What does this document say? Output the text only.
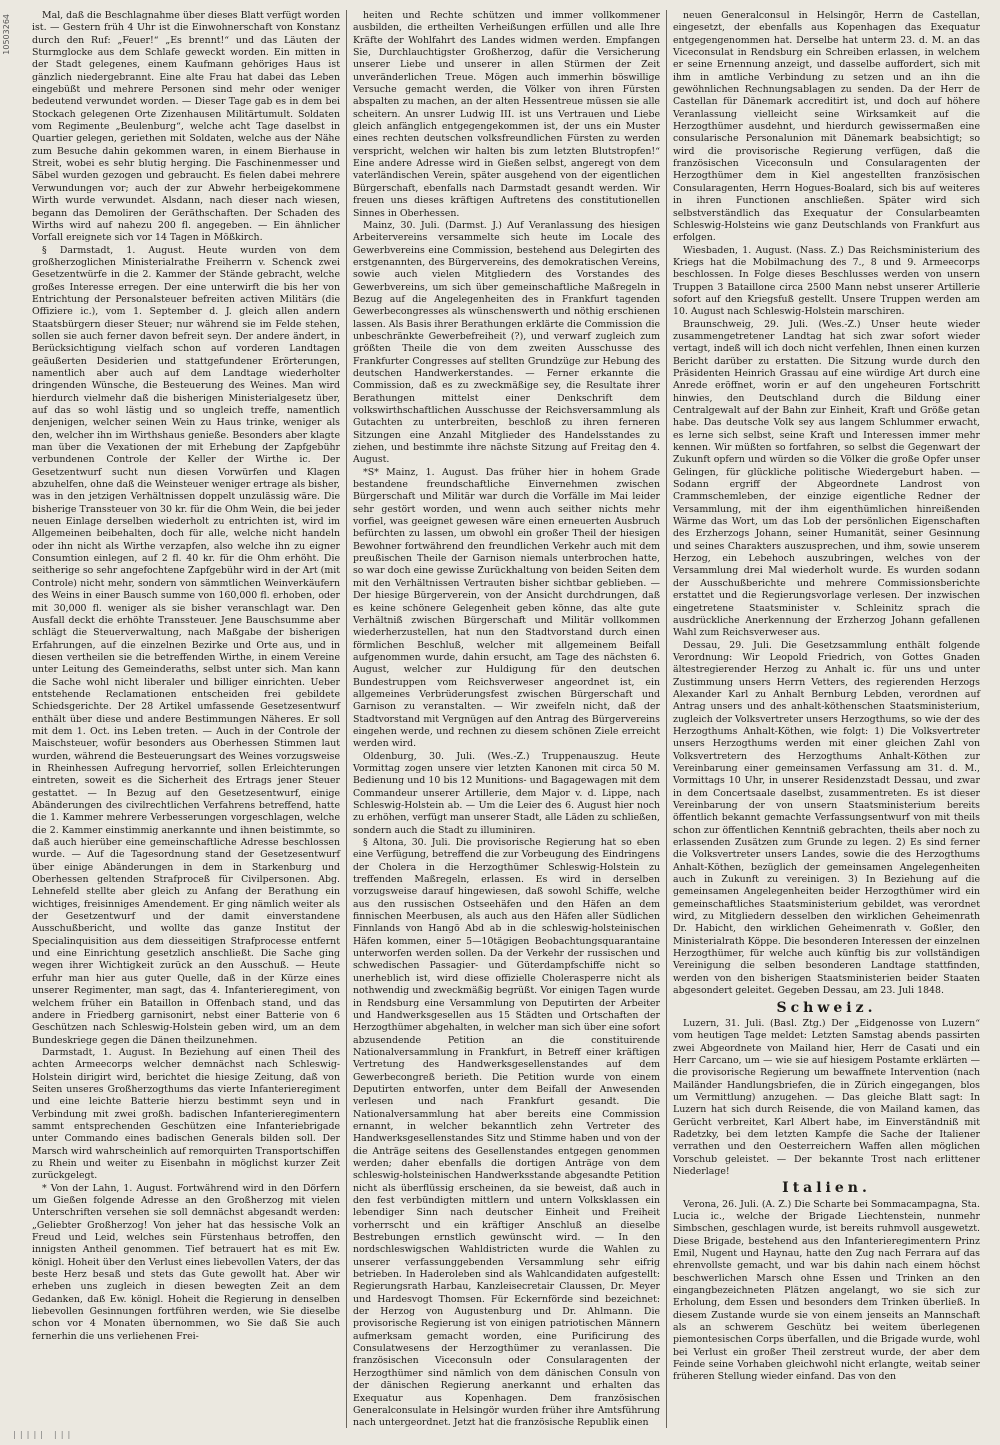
10503264	Mal, daß die Beschlagnahme über dieses Blatt verfügt worden ist. — Gestern früh 4 Uhr ist die Einwohnerschaft von Konstanz durch den Ruf: „Feuer!“ „Es brennt!“ und das Läuten der Sturmglocke aus dem Schlafe geweckt worden. Ein mitten in der Stadt gelegenes, einem Kaufmann gehöriges Haus ist gänzlich niedergebrannt. Eine alte Frau hat dabei das Leben eingebüßt und mehrere Personen sind mehr oder weniger bedeutend verwundet worden. — Dieser Tage gab es in dem bei Stockach gelegenen Orte Zizenhausen Militärtumult. Soldaten vom Regimente „Beulenburg“, welche acht Tage daselbst in Quartier gelegen, geriethen mit Soldaten, welche aus der Nähe zum Besuche dahin gekommen waren, in einem Bierhause in Streit, wobei es sehr blutig herging. Die Faschinenmesser und Säbel wurden gezogen und gebraucht. Es fielen dabei mehrere Verwundungen vor; auch der zur Abwehr herbeigekommene Wirth wurde verwundet. Alsdann, nach dieser nach wiesen, begann das Demoliren der Geräthschaften. Der Schaden des Wirths wird auf nahezu 200 fl. angegeben. — Ein ähnlicher Vorfall ereignete sich vor 14 Tagen in Mößkirch.

§ Darmstadt, 1. August. Heute wurden von dem großherzoglichen Ministerialrathe Freiherrn v. Schenck zwei Gesetzentwürfe in die 2. Kammer der Stände gebracht, welche großes Interesse erregen. Der eine unterwirft die bis her von Entrichtung der Personalsteuer befreiten activen Militärs (die Offiziere ic.), vom 1. September d. J. gleich allen andern Staatsbürgern dieser Steuer; nur während sie im Felde stehen, sollen sie auch ferner davon befreit seyn. Der andere ändert, in Berücksichtigung vielfach schon auf vorderen Landtagen geäußerten Desiderien und stattgefundener Erörterungen, namentlich aber auch auf dem Landtage wiederholter dringenden Wünsche, die Besteuerung des Weines. Man wird hierdurch vielmehr daß die bisherigen Ministerialgesetz über, auf das so wohl lästig und so ungleich treffe, namentlich denjenigen, welcher seinen Wein zu Haus trinke, weniger als den, welcher ihn im Wirthshaus genieße. Besonders aber klagte man über die Vexationen der mit Erhebung der Zapfgebühr verbundenen Controle der Keller der Wirthe ic. Der Gesetzentwurf sucht nun diesen Vorwürfen und Klagen abzuhelfen, ohne daß die Weinsteuer weniger ertrage als bisher, was in den jetzigen Verhältnissen doppelt unzulässig wäre. Die bisherige Transsteuer von 30 kr. für die Ohm Wein, die bei jeder neuen Einlage derselben wiederholt zu entrichten ist, wird im Allgemeinen beibehalten, doch für alle, welche nicht handeln oder ihn nicht als Wirthe verzapfen, also welche ihn zu eigner Consumtion einlegen, auf 2 fl. 40 kr. für die Ohm erhöht. Die seitherige so sehr angefochtene Zapfgebühr wird in der Art (mit Controle) nicht mehr, sondern von sämmtlichen Weinverkäufern des Weins in einer Bausch summe von 160,000 fl. erhoben, oder mit 30,000 fl. weniger als sie bisher veranschlagt war. Den Ausfall deckt die erhöhte Transsteuer. Jene Bauschsumme aber schlägt die Steuerverwaltung, nach Maßgabe der bisherigen Erfahrungen, auf die einzelnen Bezirke und Orte aus, und in diesen vertheilen sie die betreffenden Wirthe, in einem Vereine unter Leitung des Gemeinderaths, selbst unter sich. Man kann die Sache wohl nicht liberaler und billiger einrichten. Ueber entstehende Reclamationen entscheiden frei gebildete Schiedsgerichte. Der 28 Artikel umfassende Gesetzesentwurf enthält über diese und andere Bestimmungen Näheres. Er soll mit dem 1. Oct. ins Leben treten. — Auch in der Controle der Maischsteuer, wofür besonders aus Oberhessen Stimmen laut wurden, während die Besteuerungsart des Weines vorzugsweise in Rheinhessen Aufregung hervorrief, sollen Erleichterungen eintreten, soweit es die Sicherheit des Ertrags jener Steuer gestattet. — In Bezug auf den Gesetzesentwurf, einige Abänderungen des civilrechtlichen Verfahrens betreffend, hatte die 1. Kammer mehrere Verbesserungen vorgeschlagen, welche die 2. Kammer einstimmig anerkannte und ihnen beistimmte, so daß auch hierüber eine gemeinschaftliche Adresse beschlossen wurde. — Auf die Tagesordnung stand der Gesetzesentwurf über einige Abänderungen in dem in Starkenburg und Oberhessen geltenden Strafproceß für Civilpersonen. Abg. Lehnefeld stellte aber gleich zu Anfang der Berathung ein wichtiges, freisinniges Amendement. Er ging nämlich weiter als der Gesetzentwurf und der damit einverstandene Ausschußbericht, und wollte das ganze Institut der Specialinquisition aus dem diesseitigen Strafprocesse entfernt und eine Einrichtung gesetzlich anschließt. Die Sache ging wegen ihrer Wichtigkeit zurück an den Ausschuß. — Heute erfuhr man hier aus guter Quelle, daß in der Kürze eines unserer Regimenter, man sagt, das 4. Infanterieregiment, von welchem früher ein Bataillon in Offenbach stand, und das andere in Friedberg garnisonirt, nebst einer Batterie von 6 Geschützen nach Schleswig-Holstein geben wird, um an dem Bundeskriege gegen die Dänen theilzunehmen.

Darmstadt, 1. August. In Beziehung auf einen Theil des achten Armeecorps welcher demnächst nach Schleswig-Holstein dirigirt wird, berichtet die hiesige Zeitung, daß von Seiten unseres Großherzogthums das vierte Infanterieregiment und eine leichte Batterie hierzu bestimmt seyn und in Verbindung mit zwei großh. badischen Infanterieregimentern sammt entsprechenden Geschützen eine Infanteriebrigade unter Commando eines badischen Generals bilden soll. Der Marsch wird wahrscheinlich auf remorquirten Transportschiffen zu Rhein und weiter zu Eisenbahn in möglichst kurzer Zeit zurückgelegt.

* Von der Lahn, 1. August. Fortwährend wird in den Dörfern um Gießen folgende Adresse an den Großherzog mit vielen Unterschriften versehen sie soll demnächst abgesandt werden: „Geliebter Großherzog! Von jeher hat das hessische Volk an Freud und Leid, welches sein Fürstenhaus betroffen, den innigsten Antheil genommen. Tief betrauert hat es mit Ew. königl. Hoheit über den Verlust eines liebevollen Vaters, der das beste Herz besaß und stets das Gute gewollt hat. Aber wir erheben uns zugleich in diesen bewegten Zeit an dem Gedanken, daß Ew. königl. Hoheit die Regierung in denselben liebevollen Gesinnungen fortführen werden, wie Sie dieselbe schon vor 4 Monaten übernommen, wo Sie daß Sie auch fernerhin die uns verliehenen Frei-

heiten und Rechte schützen und immer vollkommener ausbilden, die ertheilten Verheißungen erfüllen und alle Ihre Kräfte der Wohlfahrt des Landes widmen werden. Empfangen Sie, Durchlauchtigster Großherzog, dafür die Versicherung unserer Liebe und unserer in allen Stürmen der Zeit unveränderlichen Treue. Mögen auch immerhin böswillige Versuche gemacht werden, die Völker von ihren Fürsten abspalten zu machen, an der alten Hessentreue müssen sie alle scheitern. An unsrer Ludwig III. ist uns Vertrauen und Liebe gleich anfänglich entgegengekommen ist, der uns ein Muster eines rechten deutschen volksfreundlichen Fürsten zu werden verspricht, welchen wir halten bis zum letzten Blutstropfen!“ Eine andere Adresse wird in Gießen selbst, angeregt von dem vaterländischen Verein, später ausgehend von der eigentlichen Bürgerschaft, ebenfalls nach Darmstadt gesandt werden. Wir freuen uns dieses kräftigen Auftretens des constitutionellen Sinnes in Oberhessen.

Mainz, 30. Juli. (Darmst. J.) Auf Veranlassung des hiesigen Arbeitervereins versammelte sich heute im Locale des Gewerbvereins eine Commission, bestehend aus Delegirten des erstgenannten, des Bürgervereins, des demokratischen Vereins, sowie auch vielen Mitgliedern des Vorstandes des Gewerbvereins, um sich über gemeinschaftliche Maßregeln in Bezug auf die Angelegenheiten des in Frankfurt tagenden Gewerbecongresses als wünschenswerth und nöthig erschienen lassen. Als Basis ihrer Berathungen erklärte die Commission die unbeschränkte Gewerbefreiheit (?), und verwarf zugleich zum größten Theile die von dem zweiten Ausschusse des Frankfurter Congresses auf stellten Grundzüge zur Hebung des deutschen Handwerkerstandes. — Ferner erkannte die Commission, daß es zu zweckmäßige sey, die Resultate ihrer Berathungen mittelst einer Denkschrift dem volkswirthschaftlichen Ausschusse der Reichsversammlung als Gutachten zu unterbreiten, beschloß zu ihren ferneren Sitzungen eine Anzahl Mitglieder des Handelsstandes zu ziehen, und bestimmte ihre nächste Sitzung auf Freitag den 4. August.

*S* Mainz, 1. August. Das früher hier in hohem Grade bestandene freundschaftliche Einvernehmen zwischen Bürgerschaft und Militär war durch die Vorfälle im Mai leider sehr gestört worden, und wenn auch seither nichts mehr vorfiel, was geeignet gewesen wäre einen erneuerten Ausbruch befürchten zu lassen, um obwohl ein großer Theil der hiesigen Bewohner fortwährend den freundlichen Verkehr auch mit dem preußischen Theile der Garnison niemals unterbrochen hatte, so war doch eine gewisse Zurückhaltung von beiden Seiten dem mit den Verhältnissen Vertrauten bisher sichtbar geblieben. — Der hiesige Bürgerverein, von der Ansicht durchdrungen, daß es keine schönere Gelegenheit geben könne, das alte gute Verhältniß zwischen Bürgerschaft und Militär vollkommen wiederherzustellen, hat nun den Stadtvorstand durch einen förmlichen Beschluß, welcher mit allgemeinem Beifall aufgenommen wurde, dahin ersucht, am Tage des nächsten 6. August, welcher zur Huldigung für den deutschen Bundestruppen vom Reichsverweser angeordnet ist, ein allgemeines Verbrüderungsfest zwischen Bürgerschaft und Garnison zu veranstalten. — Wir zweifeln nicht, daß der Stadtvorstand mit Vergnügen auf den Antrag des Bürgervereins eingehen werde, und rechnen zu diesem schönen Ziele erreicht werden wird.

Oldenburg, 30. Juli. (Wes.-Z.) Truppenauszug. Heute Vormittag zogen unsere vier letzten Kanonen mit circa 50 M. Bedienung und 10 bis 12 Munitions- und Bagagewagen mit dem Commandeur unserer Artillerie, dem Major v. d. Lippe, nach Schleswig-Holstein ab. — Um die Leier des 6. August hier noch zu erhöhen, verfügt man unserer Stadt, alle Läden zu schließen, sondern auch die Stadt zu illuminiren.

§ Altona, 30. Juli. Die provisorische Regierung hat so eben eine Verfügung, betreffend die zur Vorbeugung des Eindringens der Cholera in die Herzogthümer Schleswig-Holstein zu treffenden Maßregeln, erlassen. Es wird in derselben vorzugsweise darauf hingewiesen, daß sowohl Schiffe, welche aus den russischen Ostseehäfen und den Häfen an dem finnischen Meerbusen, als auch aus den Häfen aller Südlichen Finnlands von Hangö Abd ab in die schleswig-holsteinischen Häfen kommen, einer 5—10tägigen Beobachtungsquarantaine unterworfen werden sollen. Da der Verkehr der russischen und schwedischen Passagier- und Güterdampfschiffe nicht so unerheblich ist, wird diese offizielle Cholerasperre nicht als nothwendig und zweckmäßig begrüßt. Vor einigen Tagen wurde in Rendsburg eine Versammlung von Deputirten der Arbeiter und Handwerksgesellen aus 15 Städten und Ortschaften der Herzogthümer abgehalten, in welcher man sich über eine sofort abzusendende Petition an die constituirende Nationalversammlung in Frankfurt, in Betreff einer kräftigen Vertretung des Handwerksgesellenstandes auf dem Gewerbecongreß berieth. Die Petition wurde von einem Deputirten entworfen, unter dem Beifall der Anwesenden verlesen und nach Frankfurt gesandt. Die Nationalversammlung hat aber bereits eine Commission ernannt, in welcher bekanntlich zehn Vertreter des Handwerksgesellenstandes Sitz und Stimme haben und von der die Anträge seitens des Gesellenstandes entgegen genommen werden; daher ebenfalls die dortigen Anträge von dem schleswig-holsteinischen Handwerksstande abgesandte Petition nicht als überflüssig erscheinen, da sie beweist, daß auch in den fest verbündigten mittlern und untern Volksklassen ein lebendiger Sinn nach deutscher Einheit und Freiheit vorherrscht und ein kräftiger Anschluß an dieselbe Bestrebungen ernstlich gewünscht wird. — In den nordschleswigschen Wahldistricten wurde die Wahlen zu unserer verfassunggebenden Versammlung sehr eifrig betrieben. In Haderoleben sind als Wahlcandidaten aufgestellt: Regierungsrath Harbau, Kanzleisecretair Claussen, Dr. Meyer und Hardesvogt Thomsen. Für Eckernförde sind bezeichnet: der Herzog von Augustenburg und Dr. Ahlmann. Die provisorische Regierung ist von einigen patriotischen Männern aufmerksam gemacht worden, eine Purificirung des Consulatwesens der Herzogthümer zu veranlassen. Die französischen Viceconsuln oder Consularagenten der Herzogthümer sind nämlich von dem dänischen Consuln von der dänischen Regierung anerkannt und erhalten das Exequatur aus Kopenhagen. Dem französischen Generalconsulate in Helsingör wurden früher ihre Amtsführung nach untergeordnet. Jetzt hat die französische Republik einen

neuen Generalconsul in Helsingör, Herrn de Castellan, eingesetzt, der ebenfalls aus Kopenhagen das Exequatur entgegengenommen hat. Derselbe hat unterm 23. d. M. an das Viceconsulat in Rendsburg ein Schreiben erlassen, in welchem er seine Ernennung anzeigt, und dasselbe auffordert, sich mit ihm in amtliche Verbindung zu setzen und an ihn die gewöhnlichen Rechnungsablagen zu senden. Da der Herr de Castellan für Dänemark accreditirt ist, und doch auf höhere Veranlassung vielleicht seine Wirksamkeit auf die Herzogthümer ausdehnt, und hierdurch gewissermaßen eine consularische Personalunion mit Dänemark beabsichtigt; so wird die provisorische Regierung verfügen, daß die französischen Viceconsuln und Consularagenten der Herzogthümer dem in Kiel angestellten französischen Consularagenten, Herrn Hogues-Boalard, sich bis auf weiteres in ihren Functionen anschließen. Später wird sich selbstverständlich das Exequatur der Consularbeamten Schleswig-Holsteins wie ganz Deutschlands von Frankfurt aus erfolgen.

Wiesbaden, 1. August. (Nass. Z.) Das Reichsministerium des Kriegs hat die Mobilmachung des 7., 8 und 9. Armeecorps beschlossen. In Folge dieses Beschlusses werden von unsern Truppen 3 Bataillone circa 2500 Mann nebst unserer Artillerie sofort auf den Kriegsfuß gestellt. Unsere Truppen werden am 10. August nach Schleswig-Holstein marschiren.

Braunschweig, 29. Juli. (Wes.-Z.) Unser heute wieder zusammengetretener Landtag hat sich zwar sofort wieder vertagt, indeß will ich doch nicht verfehlen, Ihnen einen kurzen Bericht darüber zu erstatten. Die Sitzung wurde durch den Präsidenten Heinrich Grassau auf eine würdige Art durch eine Anrede eröffnet, worin er auf den ungeheuren Fortschritt hinwies, den Deutschland durch die Bildung einer Centralgewalt auf der Bahn zur Einheit, Kraft und Größe getan habe. Das deutsche Volk sey aus langem Schlummer erwacht, es lerne sich selbst, seine Kraft und Interessen immer mehr kennen. Wir müßten so fortfahren, so selbst die Gegenwart der Zukunft opfern und würden so die Völker die große Opfer unser Gelingen, für glückliche politische Wiedergeburt haben. — Sodann ergriff der Abgeordnete Landrost von Crammschemleben, der einzige eigentliche Redner der Versammlung, mit der ihm eigenthümlichen hinreißenden Wärme das Wort, um das Lob der persönlichen Eigenschaften des Erzherzogs Johann, seiner Humanität, seiner Gesinnung und seines Charakters auszusprechen, und ihm, sowie unserem Herzog, ein Lebehoch auszubringen, welches von der Versammlung drei Mal wiederholt wurde. Es wurden sodann der Ausschußberichte und mehrere Commissionsberichte erstattet und die Regierungsvorlage verlesen. Der inzwischen eingetretene Staatsminister v. Schleinitz sprach die ausdrückliche Anerkennung der Erzherzog Johann gefallenen Wahl zum Reichsverweser aus.

Dessau, 29. Juli. Die Gesetzsammlung enthält folgende Verordnung: Wir Leopold Friedrich, von Gottes Gnaden ältestregierender Herzog zu Anhalt ic. für uns und unter Zustimmung unsers Herrn Vetters, des regierenden Herzogs Alexander Karl zu Anhalt Bernburg Lebden, verordnen auf Antrag unsers und des anhalt-köthenschen Staatsministerium, zugleich der Volksvertreter unsers Herzogthums, so wie der des Herzogthums Anhalt-Köthen, wie folgt: 1) Die Volksvertreter unsers Herzogthums werden mit einer gleichen Zahl von Volksvertretern des Herzogthums Anhalt-Köthen zur Vereinbarung einer gemeinsamen Verfassung am 31. d. M., Vormittags 10 Uhr, in unserer Residenzstadt Dessau, und zwar in dem Concertsaale daselbst, zusammentreten. Es ist dieser Vereinbarung der von unsern Staatsministerium bereits öffentlich bekannt gemachte Verfassungsentwurf von mit theils schon zur öffentlichen Kenntniß gebrachten, theils aber noch zu erlassenden Zusätzen zum Grunde zu legen. 2) Es sind ferner die Volksvertreter unsers Landes, sowie die des Herzogthums Anhalt-Köthen, bezüglich der gemeinsamen Angelegenheiten auch in Zukunft zu vereinigen. 3) In Beziehung auf die gemeinsamen Angelegenheiten beider Herzogthümer wird ein gemeinschaftliches Staatsministerium gebildet, was verordnet wird, zu Mitgliedern desselben den wirklichen Geheimenrath Dr. Habicht, den wirklichen Geheimenrath v. Goßler, den Ministerialrath Köppe. Die besonderen Interessen der einzelnen Herzogthümer, für welche auch künftig bis zur vollständigen Vereinigung die selben besonderen Landtage stattfinden, werden von den bisherigen Staatsministerien beider Staaten abgesondert geleitet. Gegeben Dessau, am 23. Juli 1848.

Schweiz.

Luzern, 31. Juli. (Basl. Ztg.) Der „Eidgenosse von Luzern“ vom heutigen Tage meldet: Letzten Samstag abends passirten zwei Abgeordnete von Mailand hier, Herr de Casati und ein Herr Carcano, um — wie sie auf hiesigem Postamte erklärten — die provisorische Regierung um bewaffnete Intervention (nach Mailänder Handlungsbriefen, die in Zürich eingegangen, blos um Vermittlung) anzugehen. — Das gleiche Blatt sagt: In Luzern hat sich durch Reisende, die von Mailand kamen, das Gerücht verbreitet, Karl Albert habe, im Einverständniß mit Radetzky, bei dem letzten Kampfe die Sache der Italiener verrathen und den Oesterreichern Waffen allen möglichen Vorschub geleistet. — Der bekannte Trost nach erlittener Niederlage!

Italien.

Verona, 26. Juli. (A. Z.) Die Scharte bei Sommacampagna, Sta. Lucia ic., welche der Brigade Liechtenstein, nunmehr Simbschen, geschlagen wurde, ist bereits ruhmvoll ausgewetzt. Diese Brigade, bestehend aus den Infanterieregimentern Prinz Emil, Nugent und Haynau, hatte den Zug nach Ferrara auf das ehrenvollste gemacht, und war bis dahin nach einem höchst beschwerlichen Marsch ohne Essen und Trinken an den eingangbezeichneten Plätzen angelangt, wo sie sich zur Erholung, dem Essen und besonders dem Trinken überließ. In diesem Zustande wurde sie von einem jenseits an Mannschaft als an schwerem Geschütz bei weitem überlegenen piemontesischen Corps überfallen, und die Brigade wurde, wohl bei Verlust ein großer Theil zerstreut wurde, der aber dem Feinde seine Vorhaben gleichwohl nicht erlangte, weitab seiner früheren Stellung wieder einfand. Das von den

||||| |||
